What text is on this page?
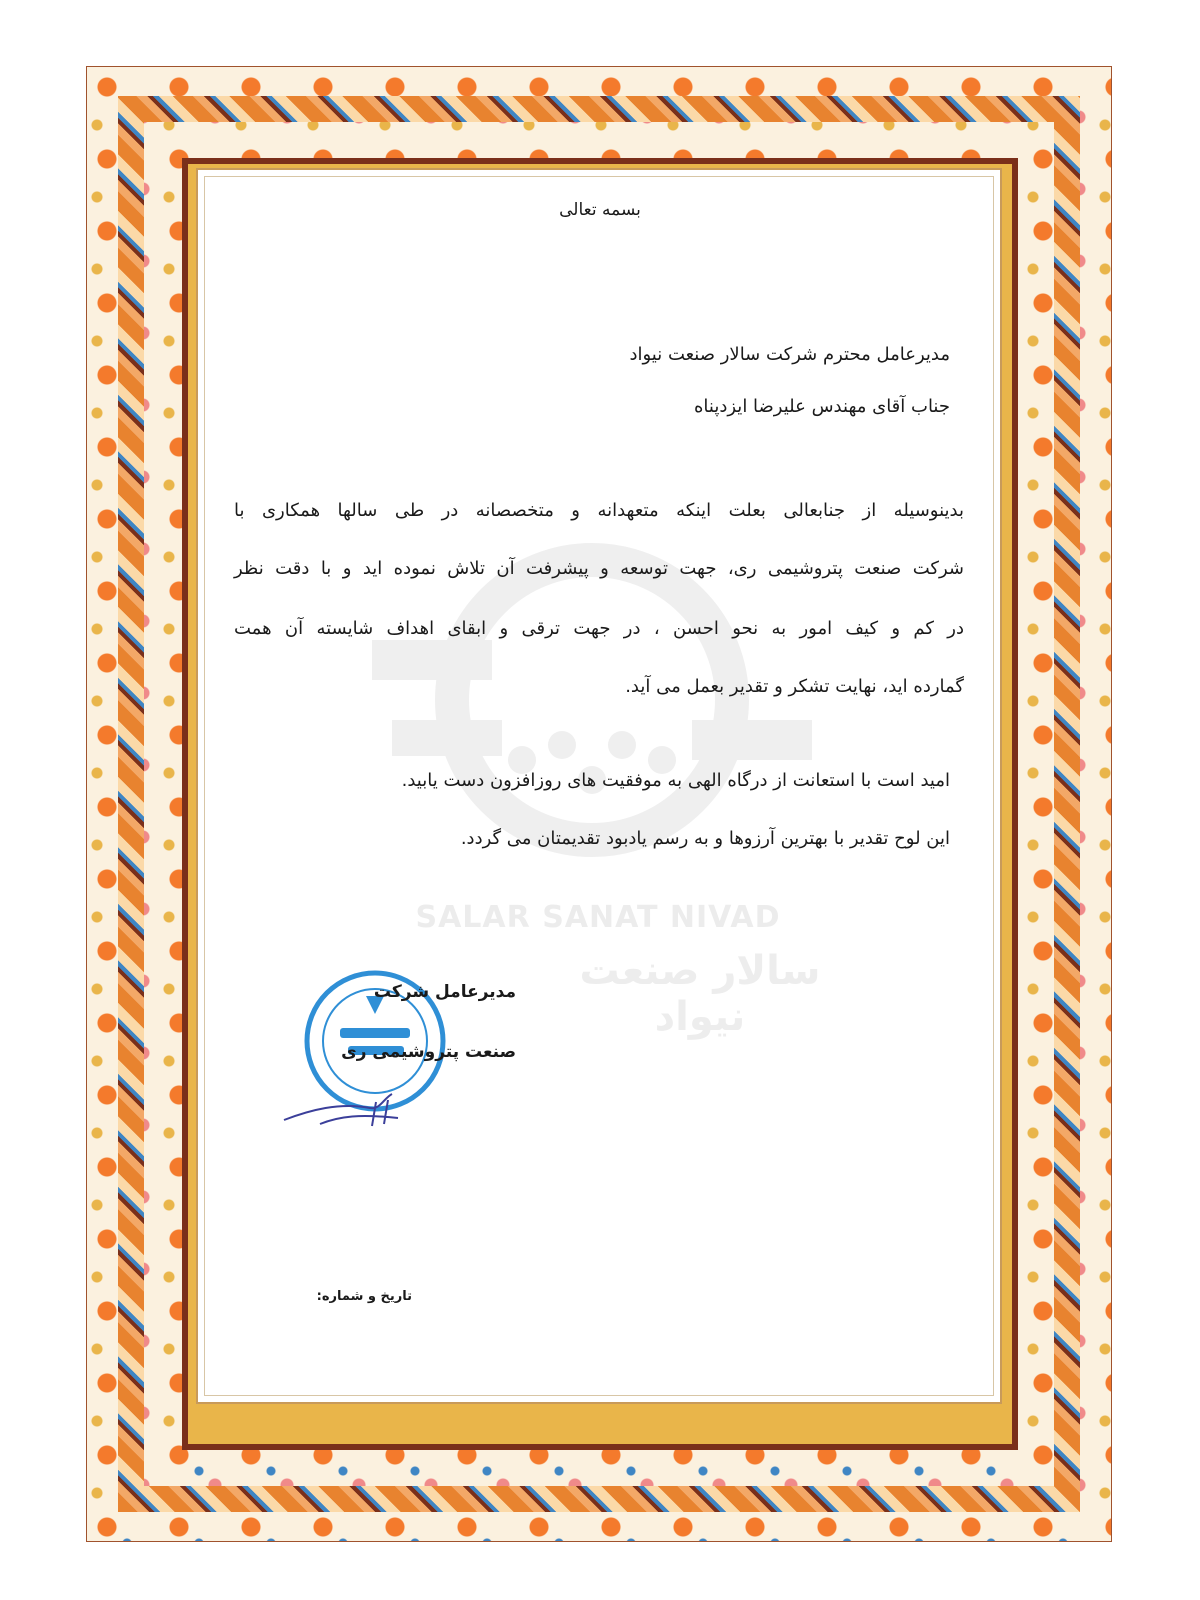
SALAR SANAT NIVAD
سالار صنعت نیواد
بسمه تعالی
مدیرعامل محترم شرکت سالار صنعت نیواد
جناب آقای مهندس علیرضا ایزدپناه
بدینوسیله از جنابعالی بعلت اینکه متعهدانه و متخصصانه در طی سالها همکاری با
شرکت صنعت پتروشیمی ری، جهت توسعه و پیشرفت آن تلاش نموده اید و با دقت نظر
در کم و کیف امور به نحو احسن ، در جهت ترقی و ابقای اهداف شایسته آن همت
گمارده اید، نهایت تشکر و تقدیر بعمل می آید.
امید است با استعانت از درگاه الهی به موفقیت های روزافزون دست یابید.
این لوح تقدیر با بهترین آرزوها و به رسم یادبود تقدیمتان می گردد.
مدیرعامل شرکت
صنعت پتروشیمی ری
تاریخ و شماره:
